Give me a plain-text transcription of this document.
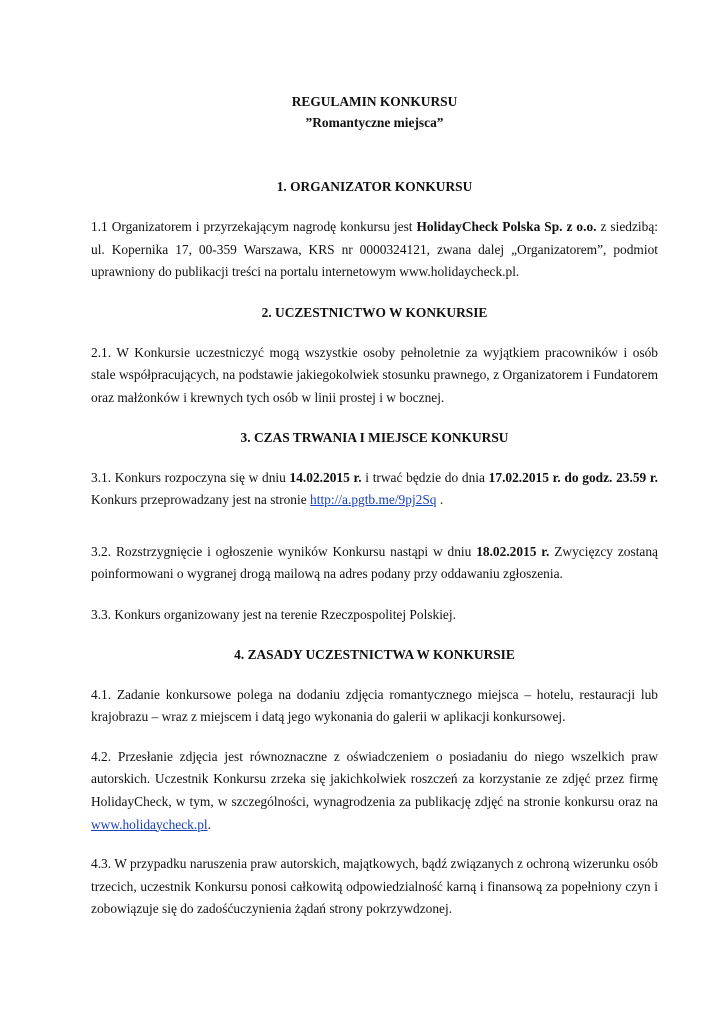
REGULAMIN KONKURSU

”Romantyczne miejsca”

1. ORGANIZATOR KONKURSU

1.1 Organizatorem i przyrzekającym nagrodę konkursu jest HolidayCheck Polska Sp. z o.o. z siedzibą: ul. Kopernika 17, 00-359 Warszawa, KRS nr 0000324121, zwana dalej „Organizatorem”, podmiot uprawniony do publikacji treści na portalu internetowym www.holidaycheck.pl.

2. UCZESTNICTWO W KONKURSIE

2.1. W Konkursie uczestniczyć mogą wszystkie osoby pełnoletnie za wyjątkiem pracowników i osób stale współpracujących, na podstawie jakiegokolwiek stosunku prawnego, z Organizatorem i Fundatorem oraz małżonków i krewnych tych osób w linii prostej i w bocznej.

3. CZAS TRWANIA I MIEJSCE KONKURSU

3.1. Konkurs rozpoczyna się w dniu 14.02.2015 r. i trwać będzie do dnia 17.02.2015 r. do godz. 23.59 r. Konkurs przeprowadzany jest na stronie http://a.pgtb.me/9pj2Sq .

3.2. Rozstrzygnięcie i ogłoszenie wyników Konkursu nastąpi w dniu 18.02.2015 r. Zwycięzcy zostaną poinformowani o wygranej drogą mailową na adres podany przy oddawaniu zgłoszenia.

3.3. Konkurs organizowany jest na terenie Rzeczpospolitej Polskiej.

4. ZASADY UCZESTNICTWA W KONKURSIE

4.1. Zadanie konkursowe polega na dodaniu zdjęcia romantycznego miejsca – hotelu, restauracji lub krajobrazu – wraz z miejscem i datą jego wykonania do galerii w aplikacji konkursowej.

4.2. Przesłanie zdjęcia jest równoznaczne z oświadczeniem o posiadaniu do niego wszelkich praw autorskich. Uczestnik Konkursu zrzeka się jakichkolwiek roszczeń za korzystanie ze zdjęć przez firmę HolidayCheck, w tym, w szczególności, wynagrodzenia za publikację zdjęć na stronie konkursu oraz na www.holidaycheck.pl.

4.3. W przypadku naruszenia praw autorskich, majątkowych, bądź związanych z ochroną wizerunku osób trzecich, uczestnik Konkursu ponosi całkowitą odpowiedzialność karną i finansową za popełniony czyn i zobowiązuje się do zadośćuczynienia żądań strony pokrzywdzonej.
